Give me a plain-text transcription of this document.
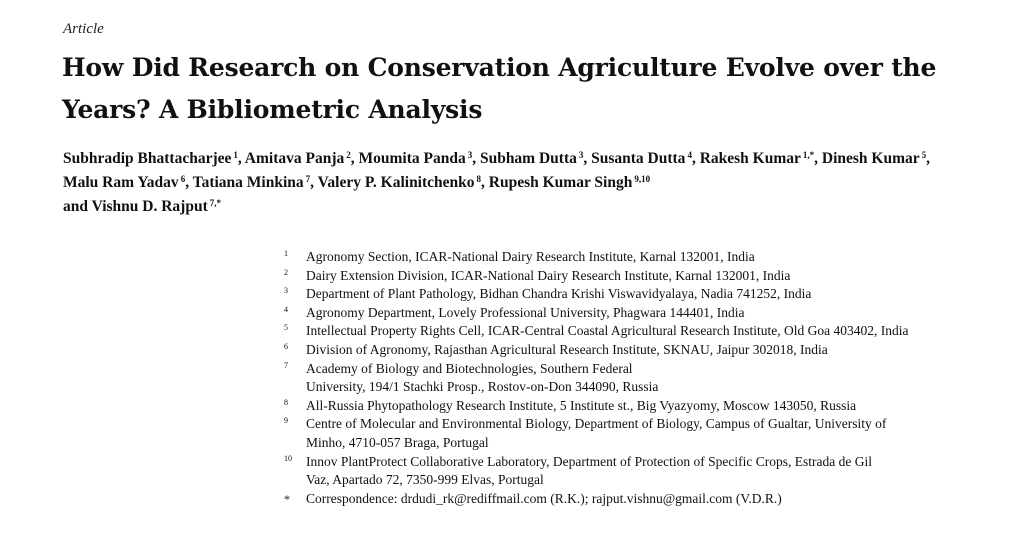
Article
How Did Research on Conservation Agriculture Evolve over the Years? A Bibliometric Analysis
Subhradip Bhattacharjee $^1$, Amitava Panja $^2$, Moumita Panda $^3$, Subham Dutta $^3$, Susanta Dutta $^4$, Rakesh Kumar $^{1,*}$, Dinesh Kumar $^5$, Malu Ram Yadav $^6$, Tatiana Minkina $^7$, Valery P. Kalinitchenko $^8$, Rupesh Kumar Singh $^{9,10}$
and Vishnu D. Rajput $^{7,*}$
1	Agronomy Section, ICAR-National Dairy Research Institute, Karnal 132001, India
2	Dairy Extension Division, ICAR-National Dairy Research Institute, Karnal 132001, India
3	Department of Plant Pathology, Bidhan Chandra Krishi Viswavidyalaya, Nadia 741252, India
4	Agronomy Department, Lovely Professional University, Phagwara 144401, India
5	Intellectual Property Rights Cell, ICAR-Central Coastal Agricultural Research Institute, Old Goa 403402, India
6	Division of Agronomy, Rajasthan Agricultural Research Institute, SKNAU, Jaipur 302018, India
7	Academy of Biology and Biotechnologies, Southern Federal University, 194/1 Stachki Prosp., Rostov-on-Don 344090, Russia
8	All-Russia Phytopathology Research Institute, 5 Institute st., Big Vyazyomy, Moscow 143050, Russia
9	Centre of Molecular and Environmental Biology, Department of Biology, Campus of Gualtar, University of Minho, 4710-057 Braga, Portugal
10	Innov PlantProtect Collaborative Laboratory, Department of Protection of Specific Crops, Estrada de Gil Vaz, Apartado 72, 7350-999 Elvas, Portugal
*	Correspondence: drdudi_rk@rediffmail.com (R.K.); rajput.vishnu@gmail.com (V.D.R.)
